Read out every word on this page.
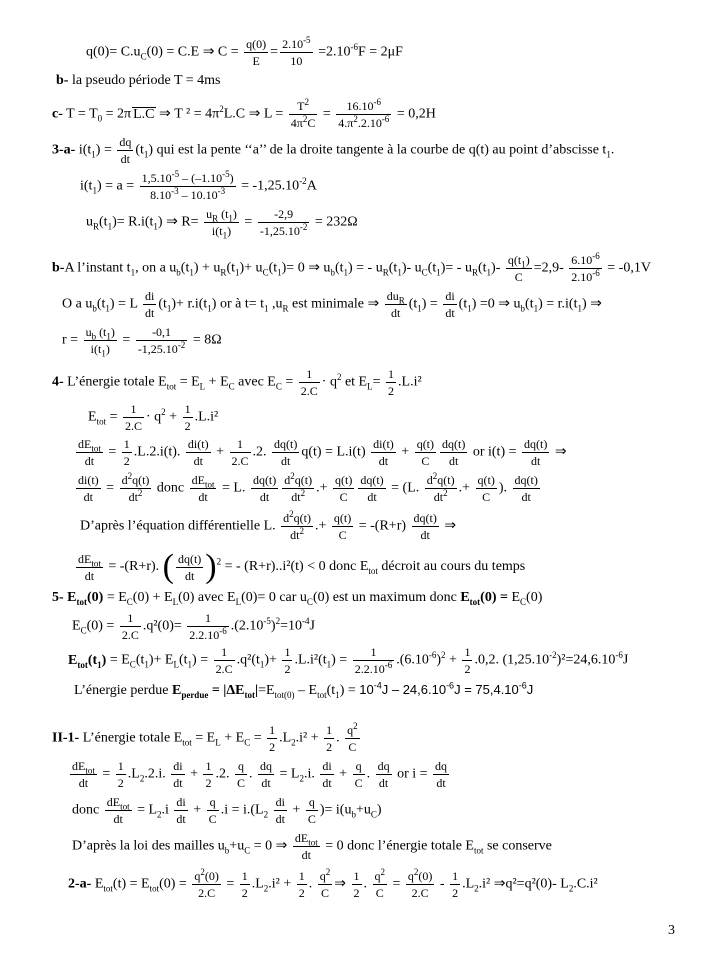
$q(0)= C.u_C(0) = C.E$ ⇒ $C = \frac{q(0)}{E} = \frac{2.10^{-5}}{10} =2.10^{-6}F = 2\mu F$
b- la pseudo période T = 4ms
c- $T = T_0 = 2\pi$ L.C ⇒ T $^2 = 4\pi^2L.C$ ⇒ $L = \frac{T^2}{4\pi^2C} = \frac{16.10^{-6}}{4.\pi^2.2.10^{-6}} = 0,2H$
3-a- $i(t_1) = \frac{dq}{dt} (t_1)$ qui est la pente ‘‘a’’ de la droite tangente à la courbe de q(t) au point d’abscisse $t_1$.
$i(t_1) = a = \frac{1,5.10^{-5} - (-1.10^{-5})}{8.10^{-3} - 10.10^{-3}} = -1,25.10^{-2}A$
$u_R(t_1)= R.i(t_1)$ ⇒ $R= \frac{u_R (t_1)}{i(t_1)} = \frac{-2,9}{-1,25.10^{-2}} = 232\Omega$
b-A l’instant $t_1$, on a $u_b(t_1) + u_R(t_1)+ u_C(t_1)= 0$ ⇒ $u_b(t_1)$ = - $u_R(t_1)-$ $u_C(t_1)= - u_R(t_1)- \frac{q(t_1)}{C} =2,9- \frac{6.10^{-6}}{2.10^{-6}} = -0,1V$
O a $u_b(t_1) = L \frac{di}{dt} (t_1)+ r.i(t_1)$ or à $t= t_1$ $,u_R$ est minimale ⇒
$du_R$
dt
$(t_1) = \frac{di}{dt} (t_1) =0$ ⇒ $u_b(t_1) = r.i(t_1)$ ⇒
$r = \frac{u_b (t_1)}{i(t_1)} = \frac{-0,1}{-1,25.10^{-2}} = 8\Omega$
4- L’énergie totale $E_{tot} = E_L + E_C$ avec $E_C = \frac{1}{2.C} \cdot q^2$ et $E_L= \frac{1}{2} .L.i^2$
$E_{tot} = \frac{1}{2.C} \cdot q^2 + \frac{1}{2} .L.i^2$
$dE_{tot}$
dt
= $\frac{1}{2} .L.2.i(t)$. $\frac{di(t)}{dt} + \frac{1}{2.C} .2$. $\frac{dq(t)}{dt} q(t) = L.i(t) \frac{di(t)}{dt} + \frac{q(t)}{C} \frac{dq(t)}{dt}$ or $i(t) = \frac{dq(t)}{dt}$ ⇒
$\frac{di(t)}{dt} = \frac{d^2q(t)}{dt^2}$ donc
$dE_{tot}$
dt
= L. $\frac{dq(t)}{dt} \frac{d^2q(t)}{dt^2}$ .+ $\frac{q(t)}{C} \frac{dq(t)}{dt} = (L$. $\frac{d^2q(t)}{dt^2}$ .+ $\frac{q(t)}{C}$ ). $\frac{dq(t)}{dt}$
D’après l’équation différentielle L. $\frac{d^2q(t)}{dt^2}$ .+ $\frac{q(t)}{C} = -(R+r) \frac{dq(t)}{dt}$ ⇒
$dE_{tot}$
dt
= -(R+r). ( $\frac{dq(t)}{dt} )^2$ = - (R+r)..i²(t) < 0 donc $E_{tot}$ décroit au cours du temps
5- $E_{tot}(0) = E_C(0) + E_L(0)$ avec $E_L(0)= 0$ car $u_C(0)$ est un maximum donc $E_{tot}(0) = E_C(0)$
$E_C(0) = \frac{1}{2.C} .q^2(0)= \frac{1}{2.2.10^{-6}} .(2.10^{-5})^2=10^{-4}J$
$E_{tot}(t_1) = E_C(t_1)+ E_L(t_1) = \frac{1}{2.C} .q^2(t_1)+ \frac{1}{2} .L.i^2(t_1) = \frac{1}{2.2.10^{-6}} .(6.10^{-6})^2 + \frac{1}{2} .0,2$. $(1,25.10^{-2})^2=24,6.10^{-6}J$
L’énergie perdue $E_{perdue} = |\Delta E_{tot}|=E_{tot(0)} - E_{tot}(t_1) = 10^{-4}J - 24,6.10^{-6}J = 75,4.10^{-6}J$
II-1- L’énergie totale $E_{tot} = E_L + E_C = \frac{1}{2} .L_2.i^2 + \frac{1}{2}$ . $\frac{q^2}{C}$
$dE_{tot}$
dt
= $\frac{1}{2} .L_2.2.i$. $\frac{di}{dt} + \frac{1}{2} .2$. $\frac{q}{C}$ . $\frac{dq}{dt} = L_2.i$. $\frac{di}{dt} + \frac{q}{C}$ . $\frac{dq}{dt}$ or $i = \frac{dq}{dt}$
donc
$dE_{tot}$
dt
= $L_2.i \frac{di}{dt} + \frac{q}{C} .i = i.(L_2 \frac{di}{dt} + \frac{q}{C}$ )= $i(u_b+u_C)$
D’après la loi des mailles $u_b+u_C = 0$ ⇒
$dE_{tot}$
dt
= 0 donc l’énergie totale $E_{tot}$ se conserve
2-a- $E_{tot}(t) = E_{tot}(0) = \frac{q^2(0)}{2.C} = \frac{1}{2} .L_2.i^2 + \frac{1}{2}$ . $\frac{q^2}{C}$ ⇒ $\frac{1}{2}$ . $\frac{q^2}{C} = \frac{q^2(0)}{2.C} - \frac{1}{2} .L_2.i^2$ ⇒q²=q²(0)- $L_2.C.i^2$
3
